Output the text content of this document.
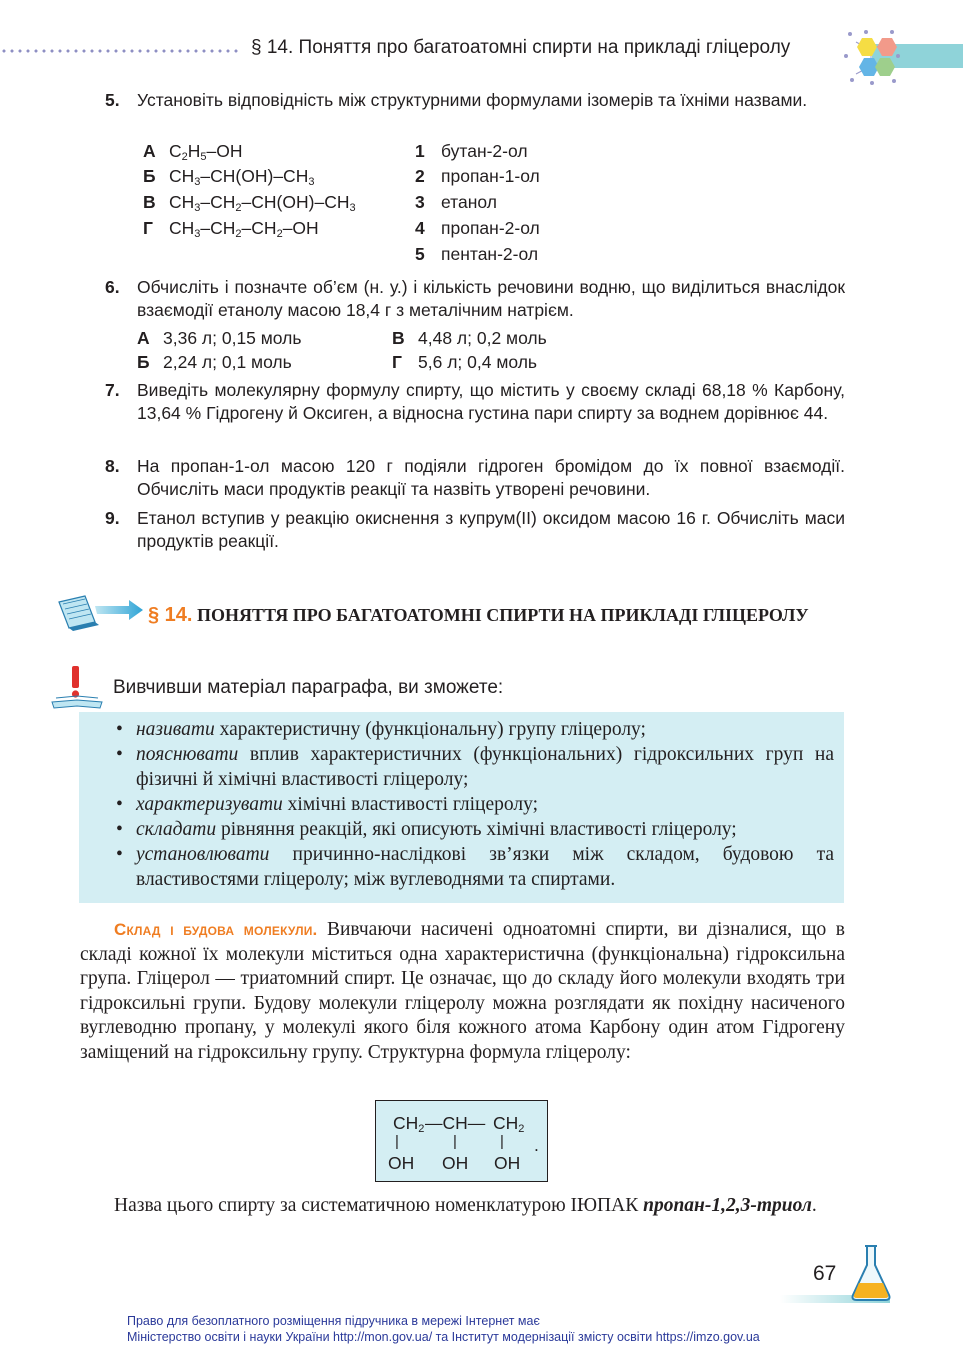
§ 14. Поняття про багатоатомні спирти на прикладі гліцеролу
5. Установіть відповідність між структурними формулами ізомерів та їхніми назвами.
А $C_2H_5-OH$
Б $CH_3-CH(OH)-CH_3$
В $CH_3-CH_2-CH(OH)-CH_3$
Г $CH_3-CH_2-CH_2-OH$
1 бутан-2-ол
2 пропан-1-ол
3 етанол
4 пропан-2-ол
5 пентан-2-ол
6. Обчисліть і позначте об’єм (н. у.) і кількість речовини водню, що виділиться внаслідок взаємодії етанолу масою 18,4 г з металічним натрієм.
А 3,36 л; 0,15 моль
Б 2,24 л; 0,1 моль
В 4,48 л; 0,2 моль
Г 5,6 л; 0,4 моль
7. Виведіть молекулярну формулу спирту, що містить у своєму складі 68,18 % Карбону, 13,64 % Гідрогену й Оксиген, а відносна густина пари спирту за воднем дорівнює 44.
8. На пропан-1-ол масою 120 г подіяли гідроген бромідом до їх повної взаємодії. Обчисліть маси продуктів реакції та назвіть утворені речовини.
9. Етанол вступив у реакцію окиснення з купрум(ІІ) оксидом масою 16 г. Обчисліть маси продуктів реакції.
§ 14. ПОНЯТТЯ ПРО БАГАТОАТОМНІ СПИРТИ НА ПРИКЛАДІ ГЛІЦЕРОЛУ
Вивчивши матеріал параграфа, ви зможете:
• називати характеристичну (функціональну) групу гліцеролу;
• пояснювати вплив характеристичних (функціональних) гідроксильних груп на фізичні й хімічні властивості гліцеролу;
• характеризувати хімічні властивості гліцеролу;
• складати рівняння реакцій, які описують хімічні властивості гліцеролу;
• установлювати причинно-наслідкові зв’язки між складом, будовою та властивостями гліцеролу; між вуглеводнями та спиртами.
Склад і будова молекули. Вивчаючи насичені одноатомні спирти, ви дізналися, що в складі кожної їх молекули міститься одна характеристична (функціональна) гідроксильна група. Гліцерол — триатомний спирт. Це означає, що до складу його молекули входять три гідроксильні групи. Будову молекули гліцеролу можна розглядати як похідну насиченого вуглеводню пропану, у молекулі якого біля кожного атома Карбону один атом Гідрогену заміщений на гідроксильну групу. Структурна формула гліцеролу:
$CH_2$ —CH— $CH_2$
|	|	|
OH OH OH
.
Назва цього спирту за систематичною номенклатурою ІЮПАК пропан-1,2,3-триол.
67
Право для безоплатного розміщення підручника в мережі Інтернет має
Міністерство освіти і науки України http://mon.gov.ua/ та Інститут модернізації змісту освіти https://imzo.gov.ua
